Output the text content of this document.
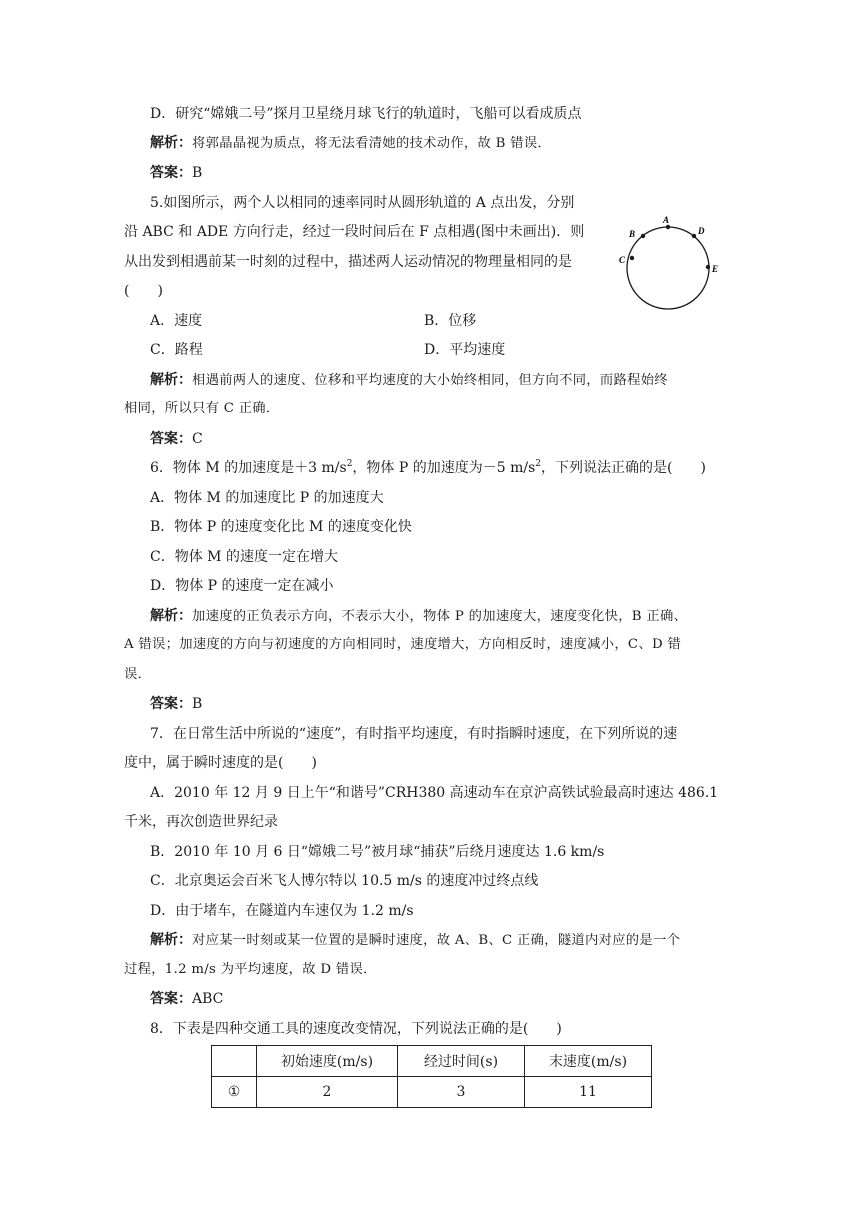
D．研究“嫦娥二号”探月卫星绕月球飞行的轨道时，飞船可以看成质点
解析：将郭晶晶视为质点，将无法看清她的技术动作，故 B 错误．
答案：B
5.如图所示，两个人以相同的速率同时从圆形轨道的 A 点出发，分别
沿 ABC 和 ADE 方向行走，经过一段时间后在 F 点相遇(图中未画出)．则
从出发到相遇前某一时刻的过程中，描述两人运动情况的物理量相同的是
(　　)
A
B	D
C
E
A．速度	B．位移
C．路程	D．平均速度
解析：相遇前两人的速度、位移和平均速度的大小始终相同，但方向不同，而路程始终
相同，所以只有 C 正确．
答案：C
6．物体 M 的加速度是＋3 $m/s^2$，物体 P 的加速度为－5 $m/s^2$，下列说法正确的是(　　)
A．物体 M 的加速度比 P 的加速度大
B．物体 P 的速度变化比 M 的速度变化快
C．物体 M 的速度一定在增大
D．物体 P 的速度一定在减小
解析：加速度的正负表示方向，不表示大小，物体 P 的加速度大，速度变化快，B 正确、
A 错误；加速度的方向与初速度的方向相同时，速度增大，方向相反时，速度减小，C、D 错
误．
答案：B
7．在日常生活中所说的“速度”，有时指平均速度，有时指瞬时速度，在下列所说的速
度中，属于瞬时速度的是(　　)
A．2010 年 12 月 9 日上午“和谐号”CRH380 高速动车在京沪高铁试验最高时速达 486.1
千米，再次创造世界纪录
B．2010 年 10 月 6 日“嫦娥二号”被月球“捕获”后绕月速度达 1.6 km/s
C．北京奥运会百米飞人博尔特以 10.5 m/s 的速度冲过终点线
D．由于堵车，在隧道内车速仅为 1.2 m/s
解析：对应某一时刻或某一位置的是瞬时速度，故 A、B、C 正确，隧道内对应的是一个
过程，1.2 m/s 为平均速度，故 D 错误．
答案：ABC
8．下表是四种交通工具的速度改变情况，下列说法正确的是(　　)
	初始速度(m/s)	经过时间(s)	末速度(m/s)
①	2	3	11
